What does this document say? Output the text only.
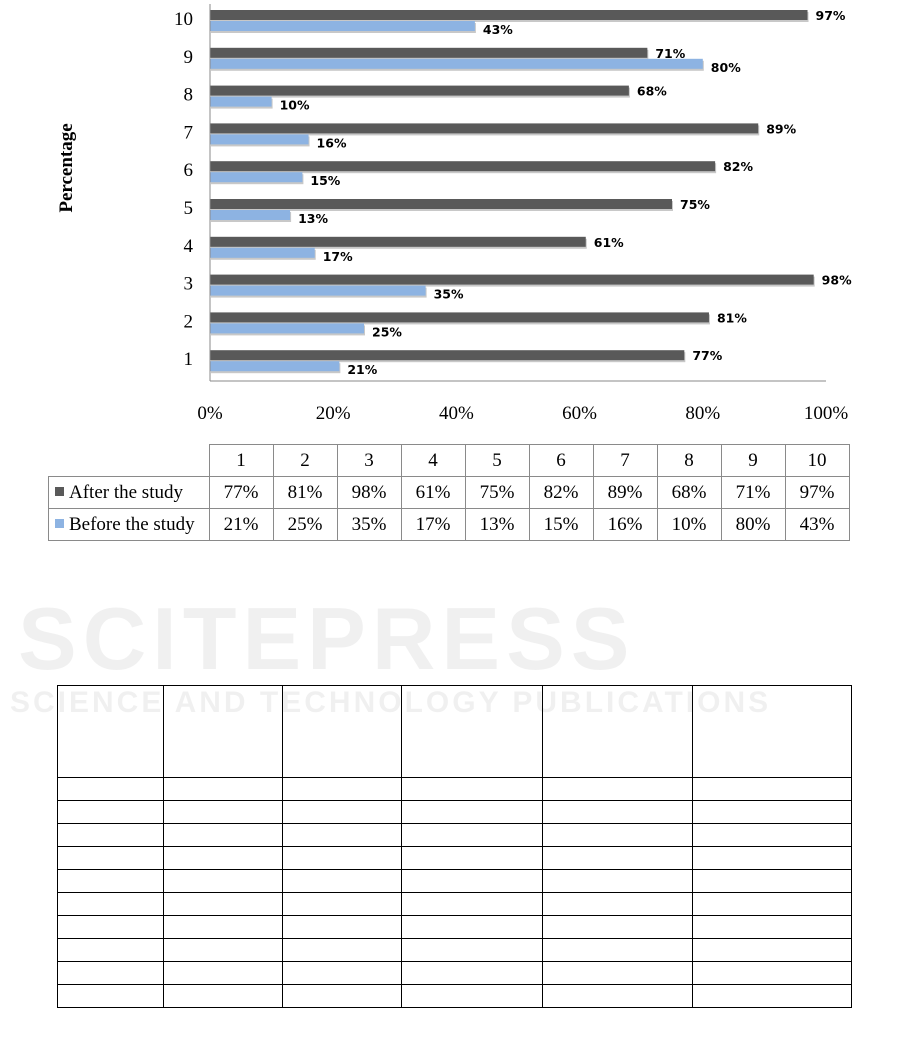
SCITEPRESS
SCIENCE AND TECHNOLOGY PUBLICATIONS
1	77%
21%
2	81%
25%
3	98%
35%
4	61%
17%
5	75%
13%
6	82%
15%
7	89%
16%
8	68%
10%
9	71%
80%
10	97%
43%
Percentage
0%	20%	40%	60%	80%	100%
	1	2	3	4	5	6	7	8	9	10
After the study	77%	81%	98%	61%	75%	82%	89%	68%	71%	97%
Before the study	21%	25%	35%	17%	13%	15%	16%	10%	80%	43%
